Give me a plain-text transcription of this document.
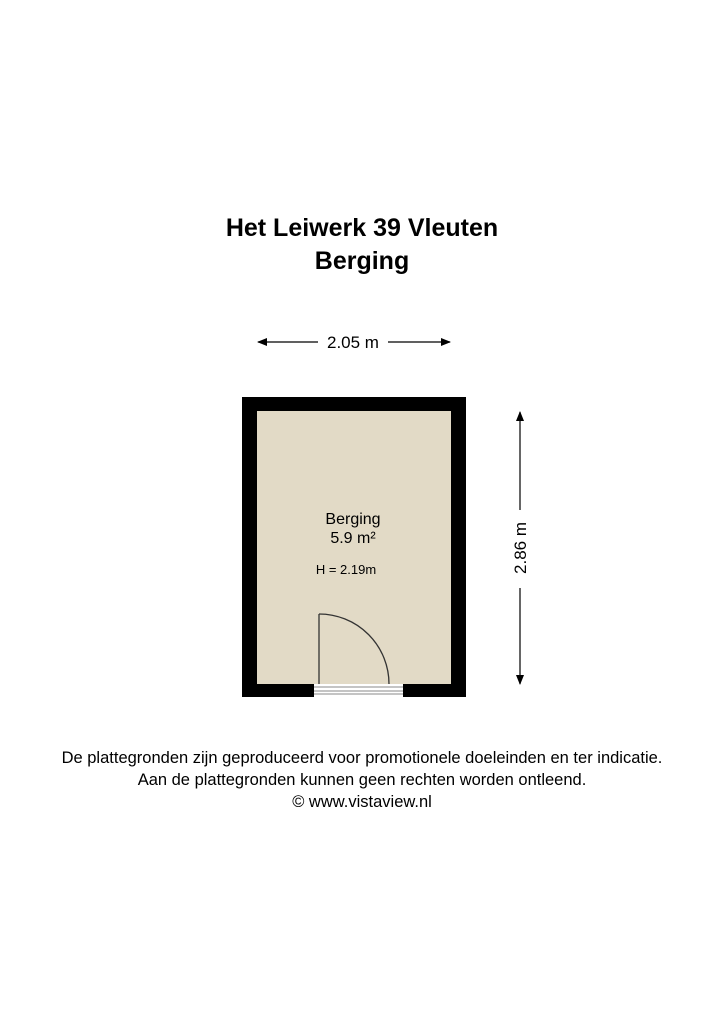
Het Leiwerk 39 Vleuten
Berging
2.05 m
2.86 m
Berging
5.9 m²
H = 2.19m
De plattegronden zijn geproduceerd voor promotionele doeleinden en ter indicatie.
Aan de plattegronden kunnen geen rechten worden ontleend.
© www.vistaview.nl
